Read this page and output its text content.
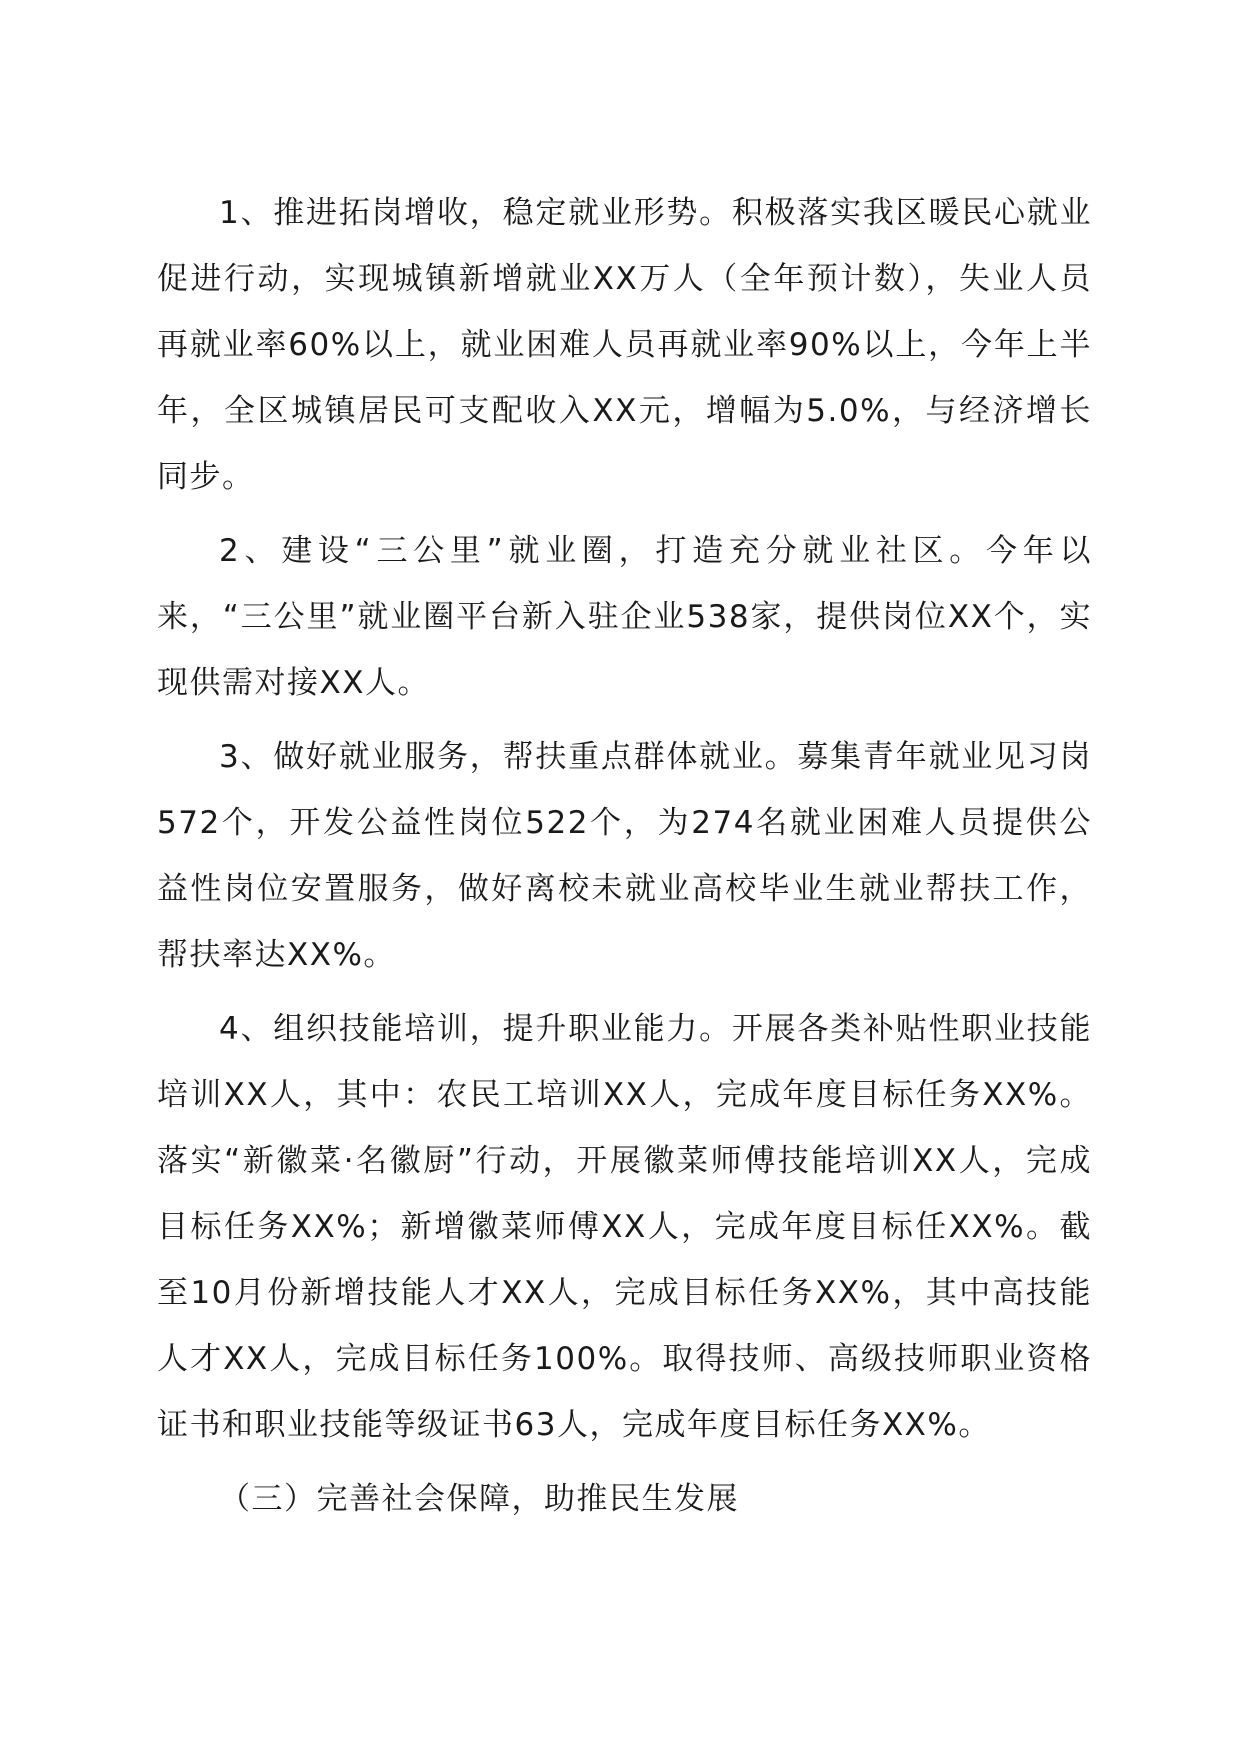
1、推进拓岗增收，稳定就业形势。积极落实我区暖民心就业促进行动，实现城镇新增就业XX万人（全年预计数），失业人员再就业率60%以上，就业困难人员再就业率90%以上，今年上半年，全区城镇居民可支配收入XX元，增幅为5.0%，与经济增长同步。

2、建设“三公里”就业圈，打造充分就业社区。今年以来，“三公里”就业圈平台新入驻企业538家，提供岗位XX个，实现供需对接XX人。

3、做好就业服务，帮扶重点群体就业。募集青年就业见习岗572个，开发公益性岗位522个，为274名就业困难人员提供公益性岗位安置服务，做好离校未就业高校毕业生就业帮扶工作，帮扶率达XX%。

4、组织技能培训，提升职业能力。开展各类补贴性职业技能培训XX人，其中：农民工培训XX人，完成年度目标任务XX%。落实“新徽菜·名徽厨”行动，开展徽菜师傅技能培训XX人，完成目标任务XX%；新增徽菜师傅XX人，完成年度目标任XX%。截至10月份新增技能人才XX人，完成目标任务XX%，其中高技能人才XX人，完成目标任务100%。取得技师、高级技师职业资格证书和职业技能等级证书63人，完成年度目标任务XX%。

（三）完善社会保障，助推民生发展
